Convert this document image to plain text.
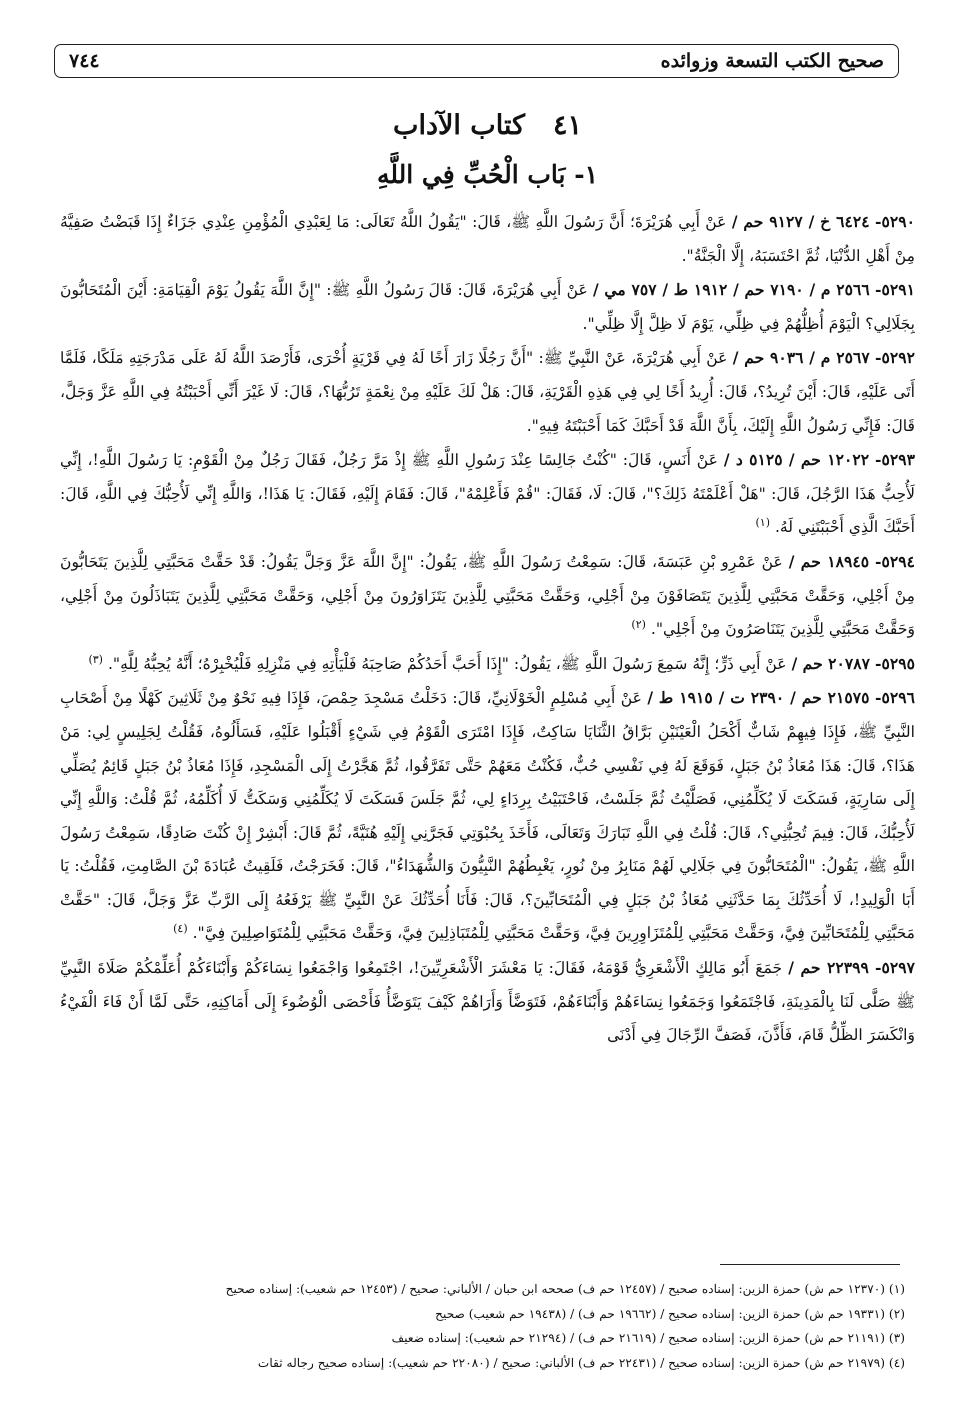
صحيح الكتب التسعة وزوائده
٧٤٤
٤١كتاب الآداب
١- بَاب الْحُبِّ فِي اللَّهِ

٥٢٩٠- ٦٤٢٤ خ / ٩١٢٧ حم / عَنْ أَبِي هُرَيْرَةَ؛ أَنَّ رَسُولَ اللَّهِ ﷺ، قَالَ: "يَقُولُ اللَّهُ تَعَالَى: مَا لِعَبْدِي الْمُؤْمِنِ عِنْدِي جَزَاءٌ إِذَا قَبَضْتُ صَفِيَّهُ مِنْ أَهْلِ الدُّنْيَا، ثُمَّ احْتَسَبَهُ، إِلَّا الْجَنَّةُ".

٥٢٩١- ٢٥٦٦ م / ٧١٩٠ حم / ١٩١٢ ط / ٧٥٧ مي / عَنْ أَبِي هُرَيْرَةَ، قَالَ: قَالَ رَسُولُ اللَّهِ ﷺ: "إِنَّ اللَّهَ يَقُولُ يَوْمَ الْقِيَامَةِ: أَيْنَ الْمُتَحَابُّونَ بِجَلَالِي؟ الْيَوْمَ أُظِلُّهُمْ فِي ظِلِّي، يَوْمَ لَا ظِلَّ إِلَّا ظِلِّي".

٥٢٩٢- ٢٥٦٧ م / ٩٠٣٦ حم / عَنْ أَبِي هُرَيْرَةَ، عَنْ النَّبِيِّ ﷺ: "أَنَّ رَجُلًا زَارَ أَخًا لَهُ فِي قَرْيَةٍ أُخْرَى، فَأَرْصَدَ اللَّهُ لَهُ عَلَى مَدْرَجَتِهِ مَلَكًا، فَلَمَّا أَتَى عَلَيْهِ، قَالَ: أَيْنَ تُرِيدُ؟، قَالَ: أُرِيدُ أَخًا لِي فِي هَذِهِ الْقَرْيَةِ، قَالَ: هَلْ لَكَ عَلَيْهِ مِنْ نِعْمَةٍ تَرُبُّهَا؟، قَالَ: لَا غَيْرَ أَنِّي أَحْبَبْتُهُ فِي اللَّهِ عَزَّ وَجَلَّ، قَالَ: فَإِنِّي رَسُولُ اللَّهِ إِلَيْكَ، بِأَنَّ اللَّهَ قَدْ أَحَبَّكَ كَمَا أَحْبَبْتَهُ فِيهِ".

٥٢٩٣- ١٢٠٢٢ حم / ٥١٢٥ د / عَنْ أَنَسٍ، قَالَ: "كُنْتُ جَالِسًا عِنْدَ رَسُولِ اللَّهِ ﷺ إِذْ مَرَّ رَجُلٌ، فَقَالَ رَجُلٌ مِنْ الْقَوْمِ: يَا رَسُولَ اللَّهِ!، إِنِّي لَأُحِبُّ هَذَا الرَّجُلَ، قَالَ: "هَلْ أَعْلَمْتَهُ ذَلِكَ؟"، قَالَ: لَا، فَقَالَ: "قُمْ فَأَعْلِمْهُ"، قَالَ: فَقَامَ إِلَيْهِ، فَقَالَ: يَا هَذَا!، وَاللَّهِ إِنِّي لَأُحِبُّكَ فِي اللَّهِ، قَالَ: أَحَبَّكَ الَّذِي أَحْبَبْتَنِي لَهُ. $^{(١)}$

٥٢٩٤- ١٨٩٤٥ حم / عَنْ عَمْرِو بْنِ عَبَسَةَ، قَالَ: سَمِعْتُ رَسُولَ اللَّهِ ﷺ، يَقُولُ: "إِنَّ اللَّهَ عَزَّ وَجَلَّ يَقُولُ: قَدْ حَقَّتْ مَحَبَّتِي لِلَّذِينَ يَتَحَابُّونَ مِنْ أَجْلِي، وَحَقَّتْ مَحَبَّتِي لِلَّذِينَ يَتَصَافَوْنَ مِنْ أَجْلِي، وَحَقَّتْ مَحَبَّتِي لِلَّذِينَ يَتَزَاوَرُونَ مِنْ أَجْلِي، وَحَقَّتْ مَحَبَّتِي لِلَّذِينَ يَتَبَاذَلُونَ مِنْ أَجْلِي، وَحَقَّتْ مَحَبَّتِي لِلَّذِينَ يَتَنَاصَرُونَ مِنْ أَجْلِي". $^{(٢)}$

٥٢٩٥- ٢٠٧٨٧ حم / عَنْ أَبِي ذَرٍّ؛ إِنَّهُ سَمِعَ رَسُولَ اللَّهِ ﷺ، يَقُولُ: "إِذَا أَحَبَّ أَحَدُكُمْ صَاحِبَهُ فَلْيَأْتِهِ فِي مَنْزِلِهِ فَلْيُخْبِرْهُ؛ أَنَّهُ يُحِبُّهُ لِلَّهِ". $^{(٣)}$

٥٢٩٦- ٢١٥٧٥ حم / ٢٣٩٠ ت / ١٩١٥ ط / عَنْ أَبِي مُسْلِمٍ الْخَوْلَانِيِّ، قَالَ: دَخَلْتُ مَسْجِدَ حِمْصَ، فَإِذَا فِيهِ نَحْوٌ مِنْ ثَلَاثِينَ كَهْلًا مِنْ أَصْحَابِ النَّبِيِّ ﷺ، فَإِذَا فِيهِمْ شَابٌّ أَكْحَلُ الْعَيْنَيْنِ بَرَّاقُ الثَّنَايَا سَاكِتٌ، فَإِذَا امْتَرَى الْقَوْمُ فِي شَيْءٍ أَقْبَلُوا عَلَيْهِ، فَسَأَلُوهُ، فَقُلْتُ لِجَلِيسٍ لِي: مَنْ هَذَا؟، قَالَ: هَذَا مُعَاذُ بْنُ جَبَلٍ، فَوَقَعَ لَهُ فِي نَفْسِي حُبٌّ، فَكُنْتُ مَعَهُمْ حَتَّى تَفَرَّقُوا، ثُمَّ هَجَّرْتُ إِلَى الْمَسْجِدِ، فَإِذَا مُعَاذُ بْنُ جَبَلٍ قَائِمٌ يُصَلِّي إِلَى سَارِيَةٍ، فَسَكَتَ لَا يُكَلِّمُنِي، فَصَلَّيْتُ ثُمَّ جَلَسْتُ، فَاحْتَبَيْتُ بِرِدَاءٍ لِي، ثُمَّ جَلَسَ فَسَكَتَ لَا يُكَلِّمُنِي وَسَكَتُّ لَا أُكَلِّمُهُ، ثُمَّ قُلْتُ: وَاللَّهِ إِنِّي لَأُحِبُّكَ، قَالَ: فِيمَ تُحِبُّنِي؟، قَالَ: قُلْتُ فِي اللَّهِ تَبَارَكَ وَتَعَالَى، فَأَخَذَ بِحُبْوَتِي فَجَرَّنِي إِلَيْهِ هُنَيَّةً، ثُمَّ قَالَ: أَبْشِرْ إِنْ كُنْتَ صَادِقًا، سَمِعْتُ رَسُولَ اللَّهِ ﷺ، يَقُولُ: "الْمُتَحَابُّونَ فِي جَلَالِي لَهُمْ مَنَابِرُ مِنْ نُورٍ، يَغْبِطُهُمْ النَّبِيُّونَ وَالشُّهَدَاءُ"، قَالَ: فَخَرَجْتُ، فَلَقِيتُ عُبَادَةَ بْنَ الصَّامِتِ، فَقُلْتُ: يَا أَبَا الْوَلِيدِ!، لَا أُحَدِّثُكَ بِمَا حَدَّثَنِي مُعَاذُ بْنُ جَبَلٍ فِي الْمُتَحَابِّينَ؟، قَالَ: فَأَنَا أُحَدِّثُكَ عَنْ النَّبِيِّ ﷺ يَرْفَعُهُ إِلَى الرَّبِّ عَزَّ وَجَلَّ، قَالَ: "حَقَّتْ مَحَبَّتِي لِلْمُتَحَابِّينَ فِيَّ، وَحَقَّتْ مَحَبَّتِي لِلْمُتَزَاوِرِينَ فِيَّ، وَحَقَّتْ مَحَبَّتِي لِلْمُتَبَاذِلِينَ فِيَّ، وَحَقَّتْ مَحَبَّتِي لِلْمُتَوَاصِلِينَ فِيَّ". $^{(٤)}$

٥٢٩٧- ٢٢٣٩٩ حم / جَمَعَ أَبُو مَالِكٍ الْأَشْعَرِيُّ قَوْمَهُ، فَقَالَ: يَا مَعْشَرَ الْأَشْعَرِيِّينَ!، اجْتَمِعُوا وَاجْمَعُوا نِسَاءَكُمْ وَأَبْنَاءَكُمْ أُعَلِّمْكُمْ صَلَاةَ النَّبِيِّ ﷺ صَلَّى لَنَا بِالْمَدِينَةِ، فَاجْتَمَعُوا وَجَمَعُوا نِسَاءَهُمْ وَأَبْنَاءَهُمْ، فَتَوَضَّأَ وَأَرَاهُمْ كَيْفَ يَتَوَضَّأُ فَأَحْصَى الْوُضُوءَ إِلَى أَمَاكِنِهِ، حَتَّى لَمَّا أَنْ فَاءَ الْفَيْءُ وَانْكَسَرَ الظِّلُّ قَامَ، فَأَذَّنَ، فَصَفَّ الرِّجَالَ فِي أَدْنَى

(١) (١٢٣٧٠ حم ش) حمزة الزين: إسناده صحيح / (١٢٤٥٧ حم ف) صححه ابن حبان / الألباني: صحيح / (١٢٤٥٣ حم شعيب): إسناده صحيح
(٢) (١٩٣٣١ حم ش) حمزة الزين: إسناده صحيح / (١٩٦٦٢ حم ف) / (١٩٤٣٨ حم شعيب) صحيح
(٣) (٢١١٩١ حم ش) حمزة الزين: إسناده صحيح / (٢١٦١٩ حم ف) / (٢١٢٩٤ حم شعيب): إسناده ضعيف
(٤) (٢١٩٧٩ حم ش) حمزة الزين: إسناده صحيح / (٢٢٤٣١ حم ف) الألباني: صحيح / (٢٢٠٨٠ حم شعيب): إسناده صحيح رجاله ثقات
